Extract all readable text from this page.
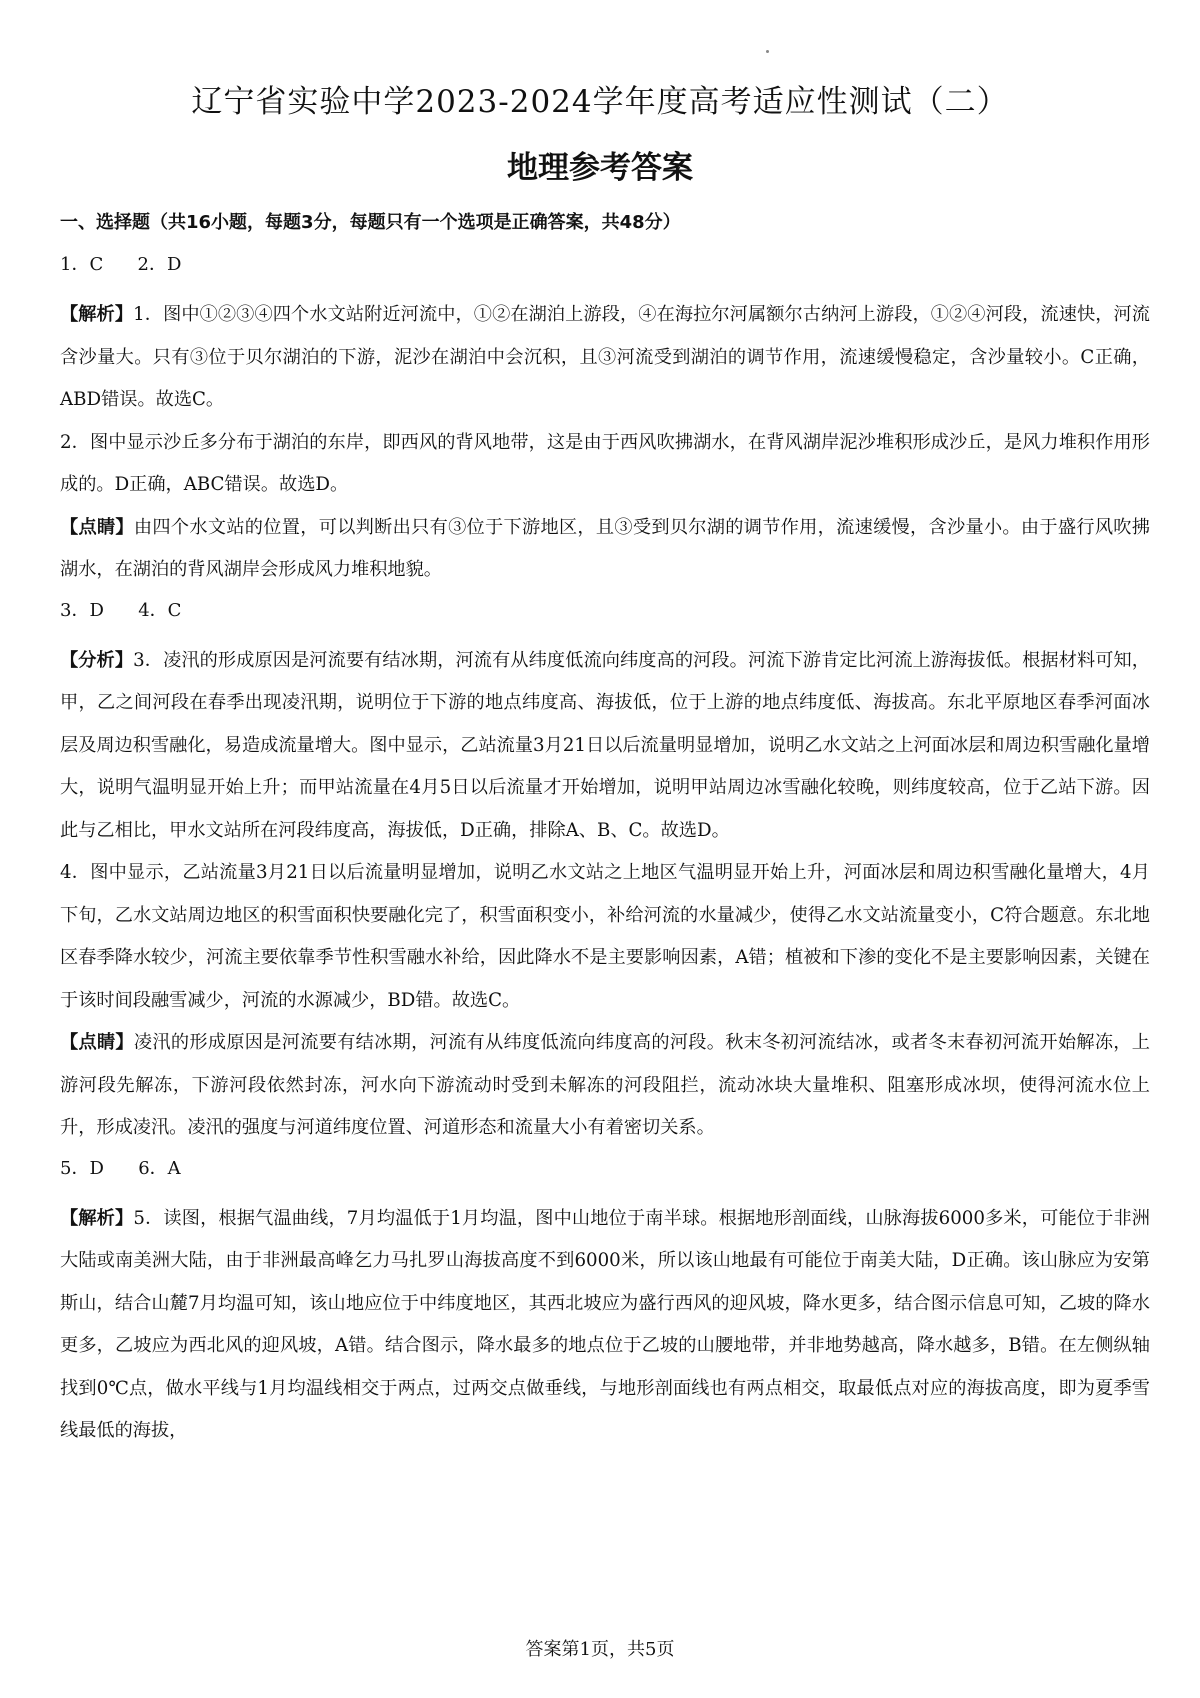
辽宁省实验中学2023-2024学年度高考适应性测试（二）
地理参考答案
一、选择题（共16小题，每题3分，每题只有一个选项是正确答案，共48分）
1．C      2．D

【解析】1．图中①②③④四个水文站附近河流中，①②在湖泊上游段，④在海拉尔河属额尔古纳河上游段，①②④河段，流速快，河流含沙量大。只有③位于贝尔湖泊的下游，泥沙在湖泊中会沉积，且③河流受到湖泊的调节作用，流速缓慢稳定，含沙量较小。C正确，ABD错误。故选C。

2．图中显示沙丘多分布于湖泊的东岸，即西风的背风地带，这是由于西风吹拂湖水，在背风湖岸泥沙堆积形成沙丘，是风力堆积作用形成的。D正确，ABC错误。故选D。

【点睛】由四个水文站的位置，可以判断出只有③位于下游地区，且③受到贝尔湖的调节作用，流速缓慢，含沙量小。由于盛行风吹拂湖水，在湖泊的背风湖岸会形成风力堆积地貌。

3．D      4．C

【分析】3．凌汛的形成原因是河流要有结冰期，河流有从纬度低流向纬度高的河段。河流下游肯定比河流上游海拔低。根据材料可知，甲，乙之间河段在春季出现凌汛期，说明位于下游的地点纬度高、海拔低，位于上游的地点纬度低、海拔高。东北平原地区春季河面冰层及周边积雪融化，易造成流量增大。图中显示，乙站流量3月21日以后流量明显增加，说明乙水文站之上河面冰层和周边积雪融化量增大，说明气温明显开始上升；而甲站流量在4月5日以后流量才开始增加，说明甲站周边冰雪融化较晚，则纬度较高，位于乙站下游。因此与乙相比，甲水文站所在河段纬度高，海拔低，D正确，排除A、B、C。故选D。

4．图中显示，乙站流量3月21日以后流量明显增加，说明乙水文站之上地区气温明显开始上升，河面冰层和周边积雪融化量增大，4月下旬，乙水文站周边地区的积雪面积快要融化完了，积雪面积变小，补给河流的水量减少，使得乙水文站流量变小，C符合题意。东北地区春季降水较少，河流主要依靠季节性积雪融水补给，因此降水不是主要影响因素，A错；植被和下渗的变化不是主要影响因素，关键在于该时间段融雪减少，河流的水源减少，BD错。故选C。

【点睛】凌汛的形成原因是河流要有结冰期，河流有从纬度低流向纬度高的河段。秋末冬初河流结冰，或者冬末春初河流开始解冻，上游河段先解冻，下游河段依然封冻，河水向下游流动时受到未解冻的河段阻拦，流动冰块大量堆积、阻塞形成冰坝，使得河流水位上升，形成凌汛。凌汛的强度与河道纬度位置、河道形态和流量大小有着密切关系。

5．D      6．A

【解析】5．读图，根据气温曲线，7月均温低于1月均温，图中山地位于南半球。根据地形剖面线，山脉海拔6000多米，可能位于非洲大陆或南美洲大陆，由于非洲最高峰乞力马扎罗山海拔高度不到6000米，所以该山地最有可能位于南美大陆，D正确。该山脉应为安第斯山，结合山麓7月均温可知，该山地应位于中纬度地区，其西北坡应为盛行西风的迎风坡，降水更多，结合图示信息可知，乙坡的降水更多，乙坡应为西北风的迎风坡，A错。结合图示，降水最多的地点位于乙坡的山腰地带，并非地势越高，降水越多，B错。在左侧纵轴找到0℃点，做水平线与1月均温线相交于两点，过两交点做垂线，与地形剖面线也有两点相交，取最低点对应的海拔高度，即为夏季雪线最低的海拔，

答案第1页，共5页
